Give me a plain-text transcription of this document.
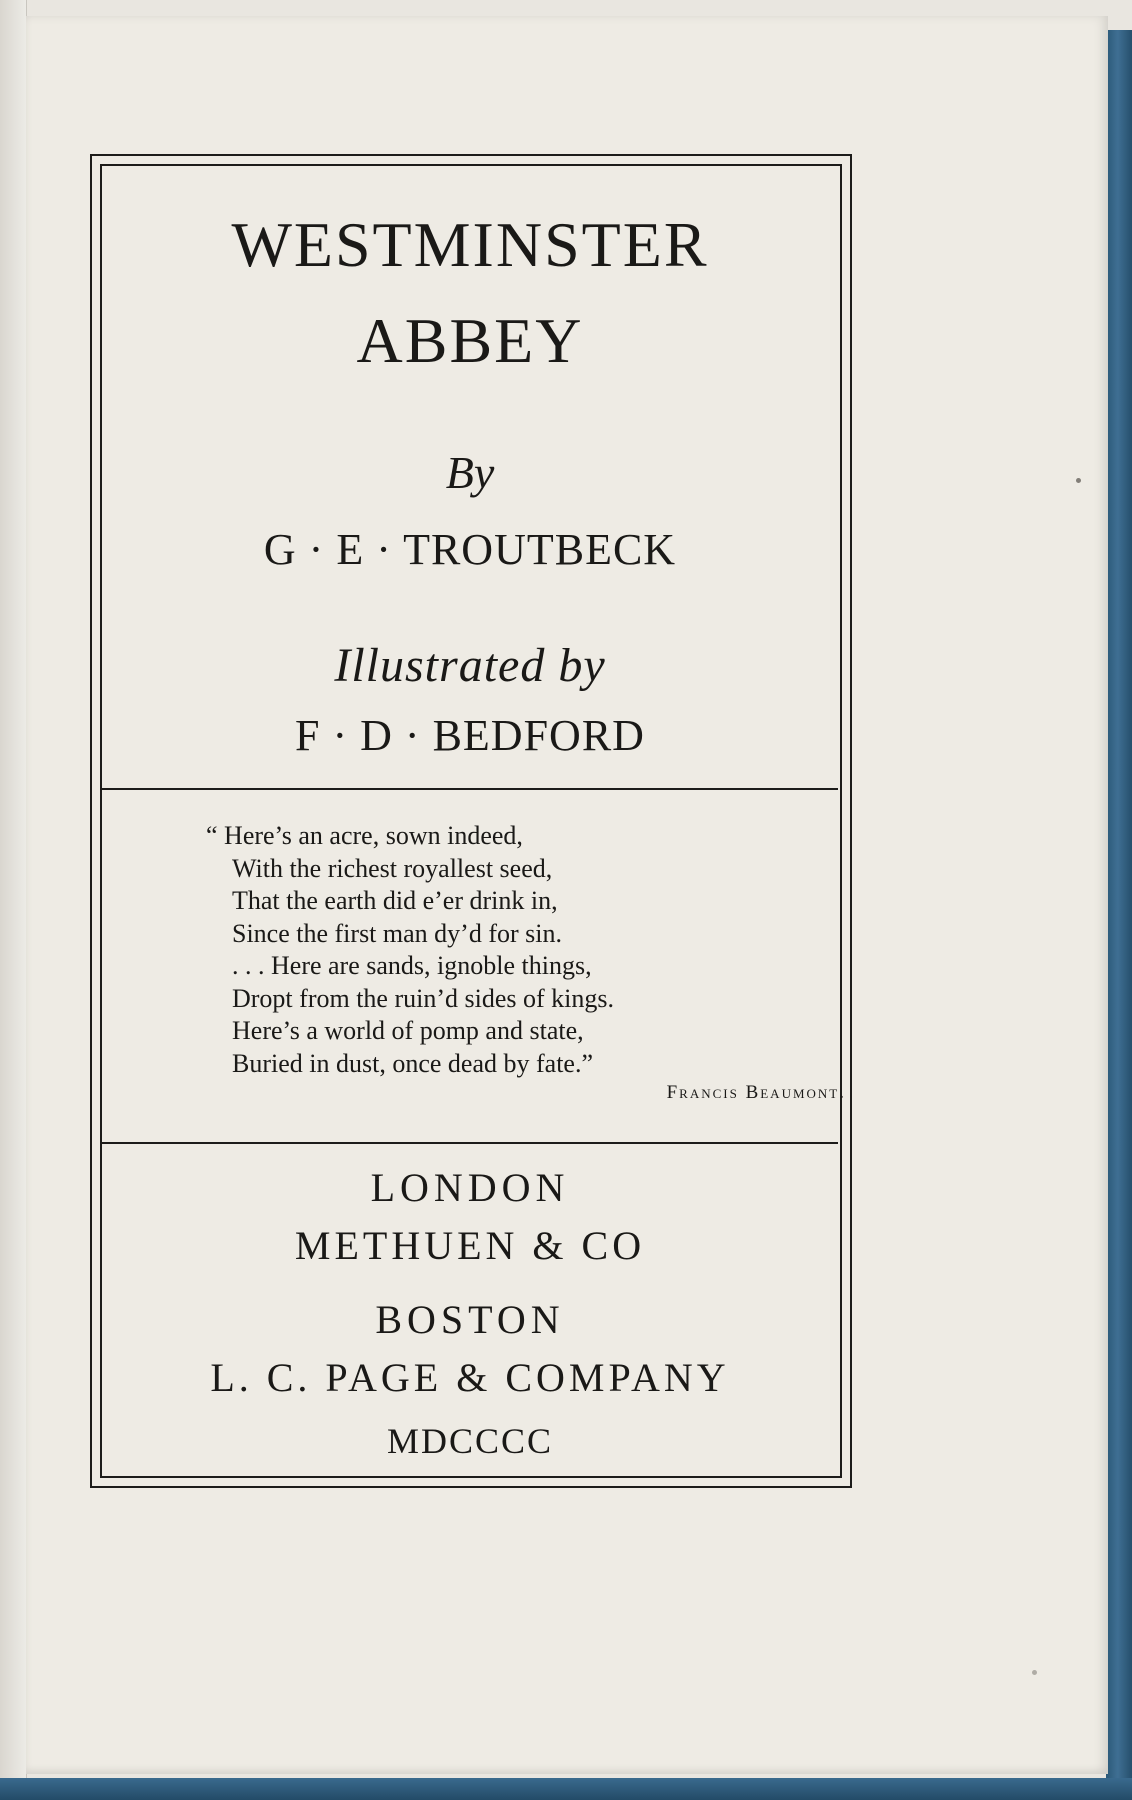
WESTMINSTER
ABBEY
By
G · E · TROUTBECK
Illustrated by
F · D · BEDFORD
“ Here’s an acre, sown indeed,
With the richest royallest seed,
That the earth did e’er drink in,
Since the first man dy’d for sin.
. . . Here are sands, ignoble things,
Dropt from the ruin’d sides of kings.
Here’s a world of pomp and state,
Buried in dust, once dead by fate.”
Francis Beaumont.
LONDON
METHUEN & CO
BOSTON
L. C. PAGE & COMPANY
MDCCCC
